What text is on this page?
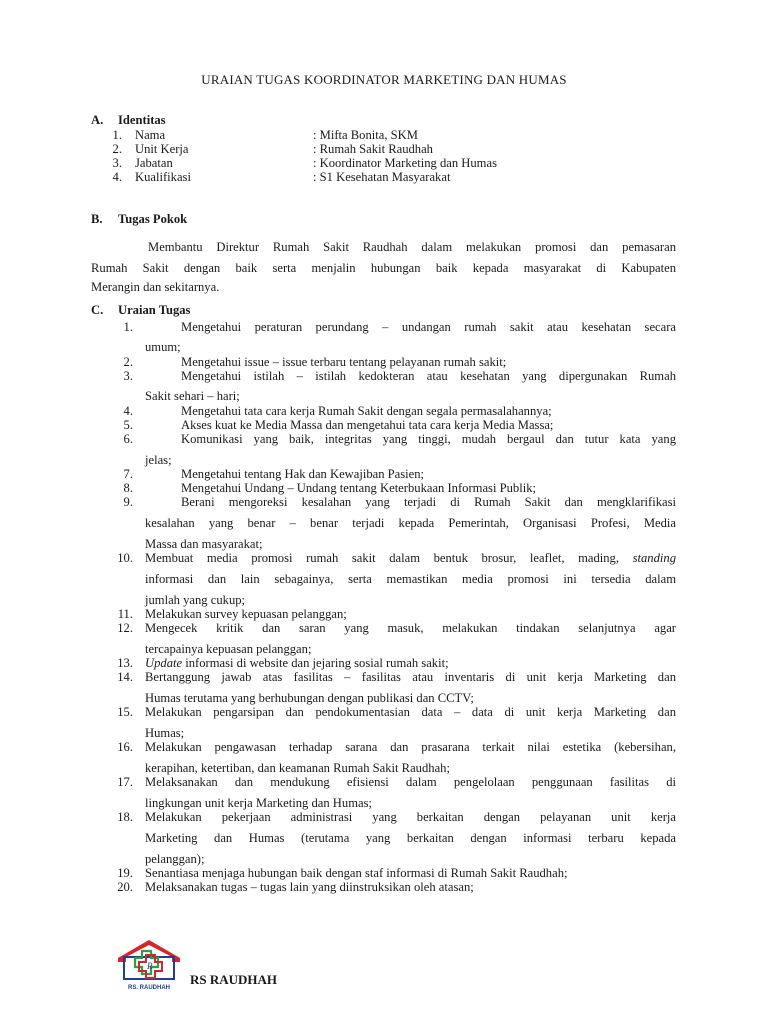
URAIAN TUGAS KOORDINATOR MARKETING DAN HUMAS
A. Identitas
1. Nama	: Mifta Bonita, SKM
2. Unit Kerja	: Rumah Sakit Raudhah
3. Jabatan	: Koordinator Marketing dan Humas
4. Kualifikasi	: S1 Kesehatan Masyarakat
B. Tugas Pokok
Membantu Direktur Rumah Sakit Raudhah dalam melakukan promosi dan pemasaran
Rumah Sakit dengan baik serta menjalin hubungan baik kepada masyarakat di Kabupaten
Merangin dan sekitarnya.
C. Uraian Tugas
1.	Mengetahui peraturan perundang – undangan rumah sakit atau kesehatan secara
umum;
2.	Mengetahui issue – issue terbaru tentang pelayanan rumah sakit;
3.	Mengetahui istilah – istilah kedokteran atau kesehatan yang dipergunakan Rumah
Sakit sehari – hari;
4.	Mengetahui tata cara kerja Rumah Sakit dengan segala permasalahannya;
5.	Akses kuat ke Media Massa dan mengetahui tata cara kerja Media Massa;
6.	Komunikasi yang baik, integritas yang tinggi, mudah bergaul dan tutur kata yang
jelas;
7.	Mengetahui tentang Hak dan Kewajiban Pasien;
8.	Mengetahui Undang – Undang tentang Keterbukaan Informasi Publik;
9.	Berani mengoreksi kesalahan yang terjadi di Rumah Sakit dan mengklarifikasi
kesalahan yang benar – benar terjadi kepada Pemerintah, Organisasi Profesi, Media
Massa dan masyarakat;
10. Membuat media promosi rumah sakit dalam bentuk brosur, leaflet, mading, standing
informasi dan lain sebagainya, serta memastikan media promosi ini tersedia dalam
jumlah yang cukup;
11. Melakukan survey kepuasan pelanggan;
12. Mengecek kritik dan saran yang masuk, melakukan tindakan selanjutnya agar
tercapainya kepuasan pelanggan;
13. Update informasi di website dan jejaring sosial rumah sakit;
14. Bertanggung jawab atas fasilitas – fasilitas atau inventaris di unit kerja Marketing dan
Humas terutama yang berhubungan dengan publikasi dan CCTV;
15. Melakukan pengarsipan dan pendokumentasian data – data di unit kerja Marketing dan
Humas;
16. Melakukan pengawasan terhadap sarana dan prasarana terkait nilai estetika (kebersihan,
kerapihan, ketertiban, dan keamanan Rumah Sakit Raudhah;
17. Melaksanakan dan mendukung efisiensi dalam pengelolaan penggunaan fasilitas di
lingkungan unit kerja Marketing dan Humas;
18. Melakukan pekerjaan administrasi yang berkaitan dengan pelayanan unit kerja
Marketing dan Humas (terutama yang berkaitan dengan informasi terbaru kepada
pelanggan);
19. Senantiasa menjaga hubungan baik dengan staf informasi di Rumah Sakit Raudhah;
20. Melaksanakan tugas – tugas lain yang diinstruksikan oleh atasan;
R
RS. RAUDHAH
RS RAUDHAH
